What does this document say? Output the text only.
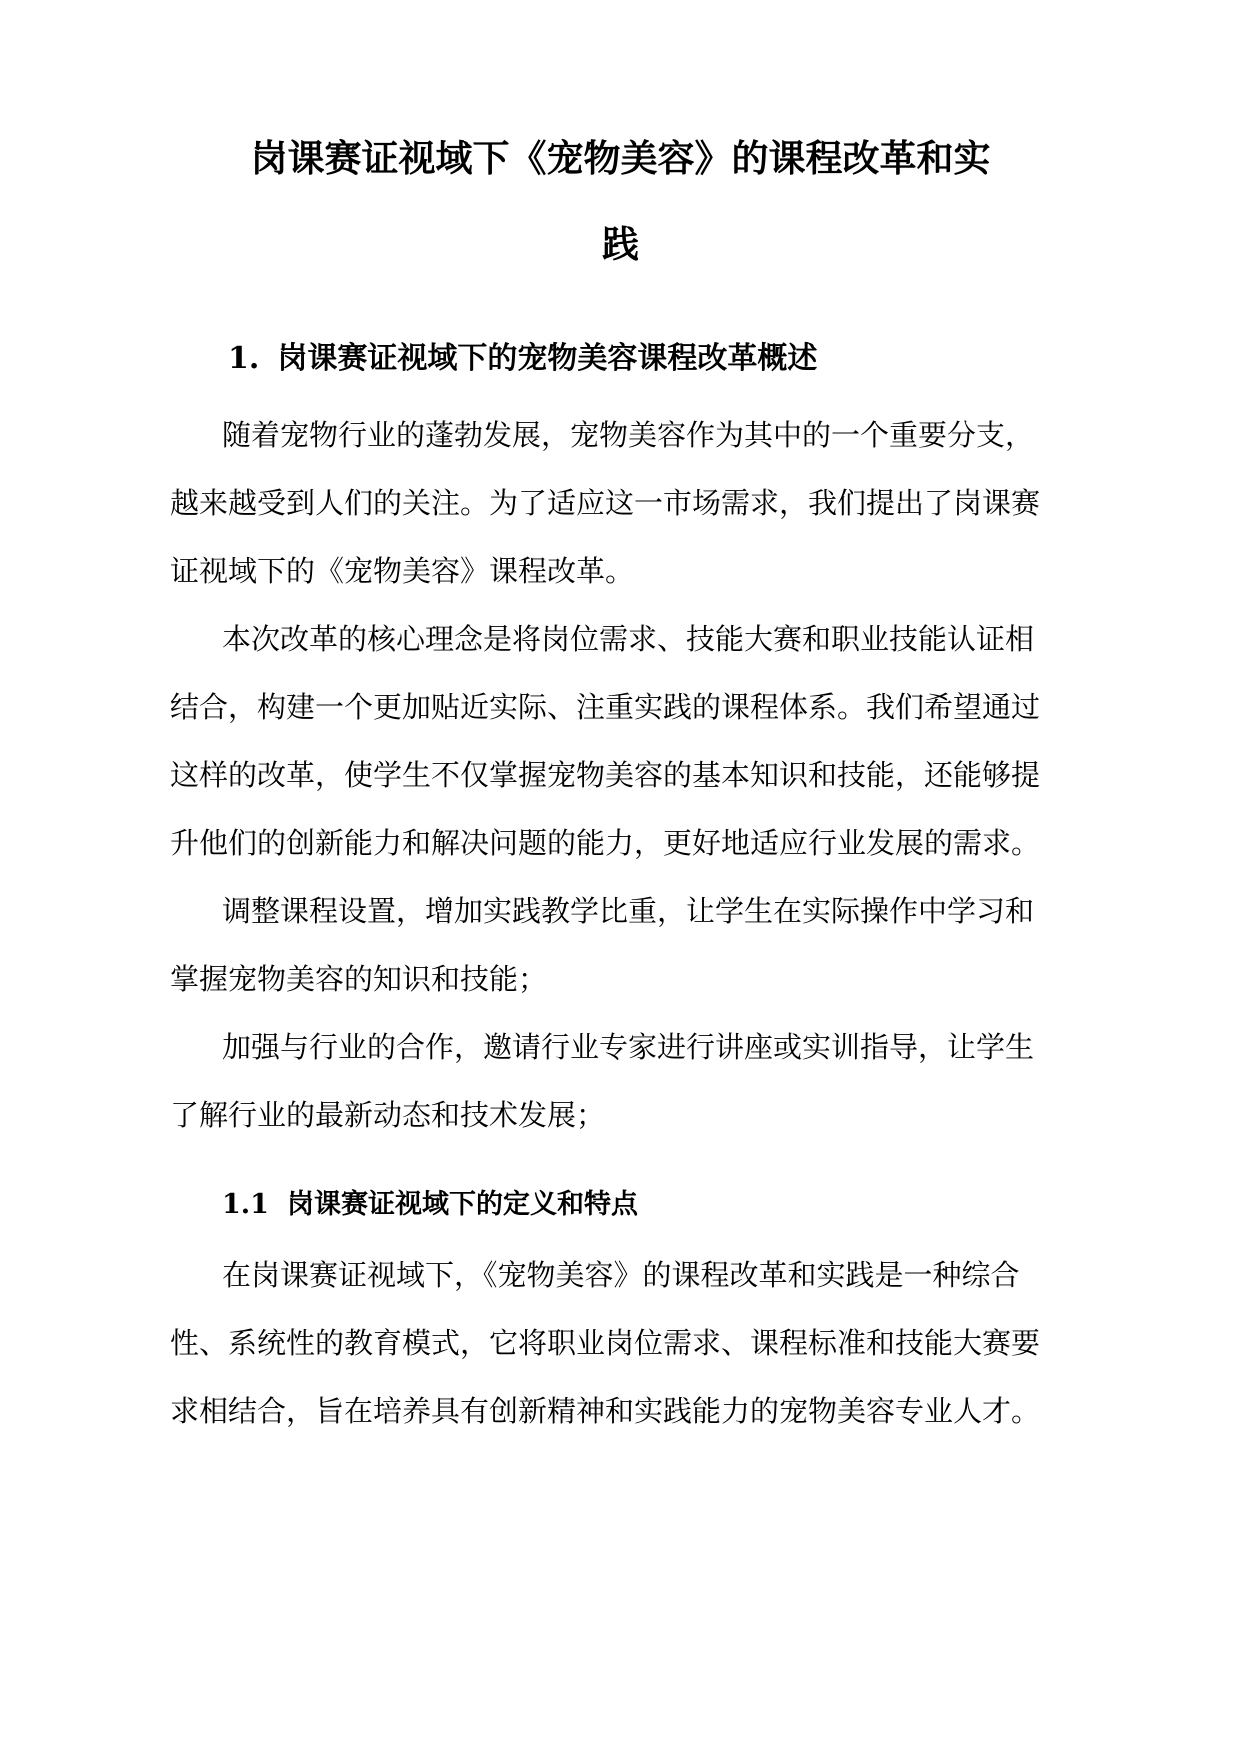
岗课赛证视域下《宠物美容》的课程改革和实
践
1. 岗课赛证视域下的宠物美容课程改革概述
随着宠物行业的蓬勃发展，宠物美容作为其中的一个重要分支，
越来越受到人们的关注。为了适应这一市场需求，我们提出了岗课赛
证视域下的《宠物美容》课程改革。
本次改革的核心理念是将岗位需求、技能大赛和职业技能认证相
结合，构建一个更加贴近实际、注重实践的课程体系。我们希望通过
这样的改革，使学生不仅掌握宠物美容的基本知识和技能，还能够提
升他们的创新能力和解决问题的能力，更好地适应行业发展的需求。
调整课程设置，增加实践教学比重，让学生在实际操作中学习和
掌握宠物美容的知识和技能；
加强与行业的合作，邀请行业专家进行讲座或实训指导，让学生
了解行业的最新动态和技术发展；
1.1 岗课赛证视域下的定义和特点
在岗课赛证视域下，《宠物美容》的课程改革和实践是一种综合
性、系统性的教育模式，它将职业岗位需求、课程标准和技能大赛要
求相结合，旨在培养具有创新精神和实践能力的宠物美容专业人才。
